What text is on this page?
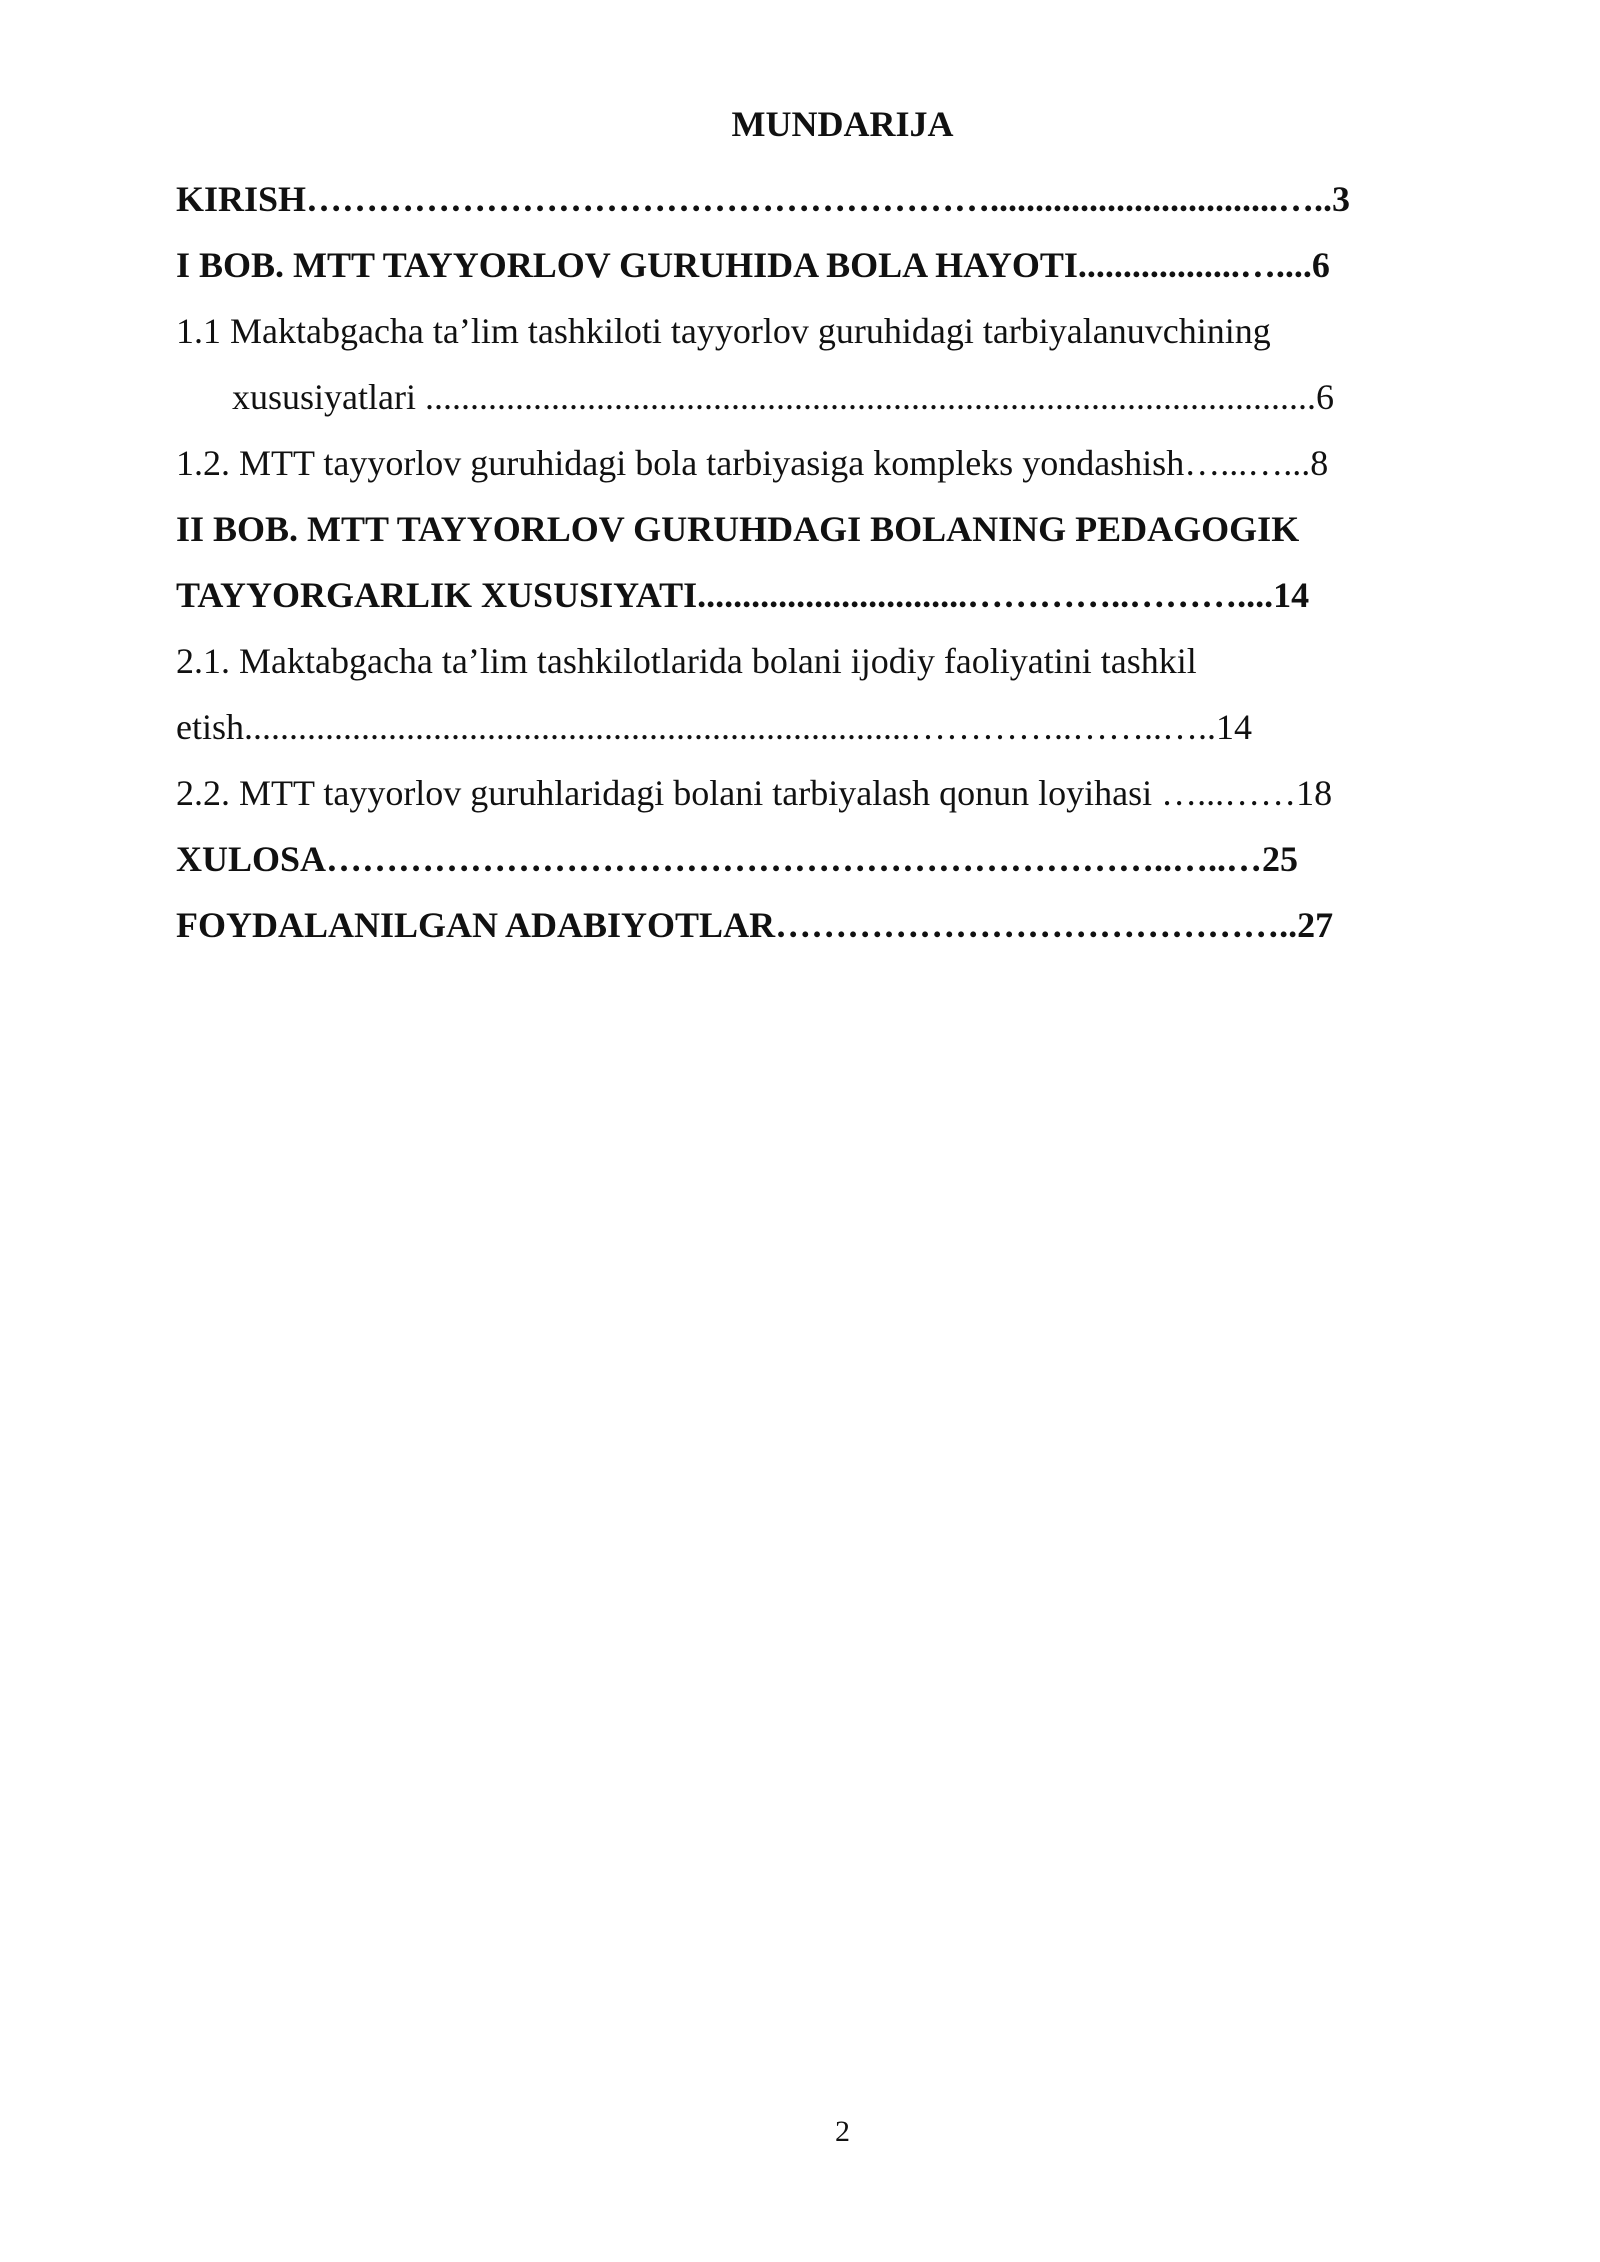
MUNDARIJA
KIRISH…………………………………………………................................…..3
I BOB. MTT TAYYORLOV GURUHIDA BOLA HAYOTI..................…....6
1.1 Maktabgacha ta’lim tashkiloti tayyorlov guruhidagi tarbiyalanuvchining
xususiyatlari ...................................................................................................6
1.2. MTT tayyorlov guruhidagi bola tarbiyasiga kompleks yondashish…...…...8
II BOB. MTT TAYYORLOV GURUHDAGI BOLANING PEDAGOGIK
TAYYORGARLIK XUSUSIYATI..............................…………..………....14
2.1. Maktabgacha ta’lim tashkilotlarida bolani ijodiy faoliyatini tashkil
etish..........................................................................…………..……..…..14
2.2. MTT tayyorlov guruhlaridagi bolani tarbiyalash qonun loyihasi …...……18
XULOSA……………………………………………………………..…..…25
FOYDALANILGAN ADABIYOTLAR……………………………………..27
2
